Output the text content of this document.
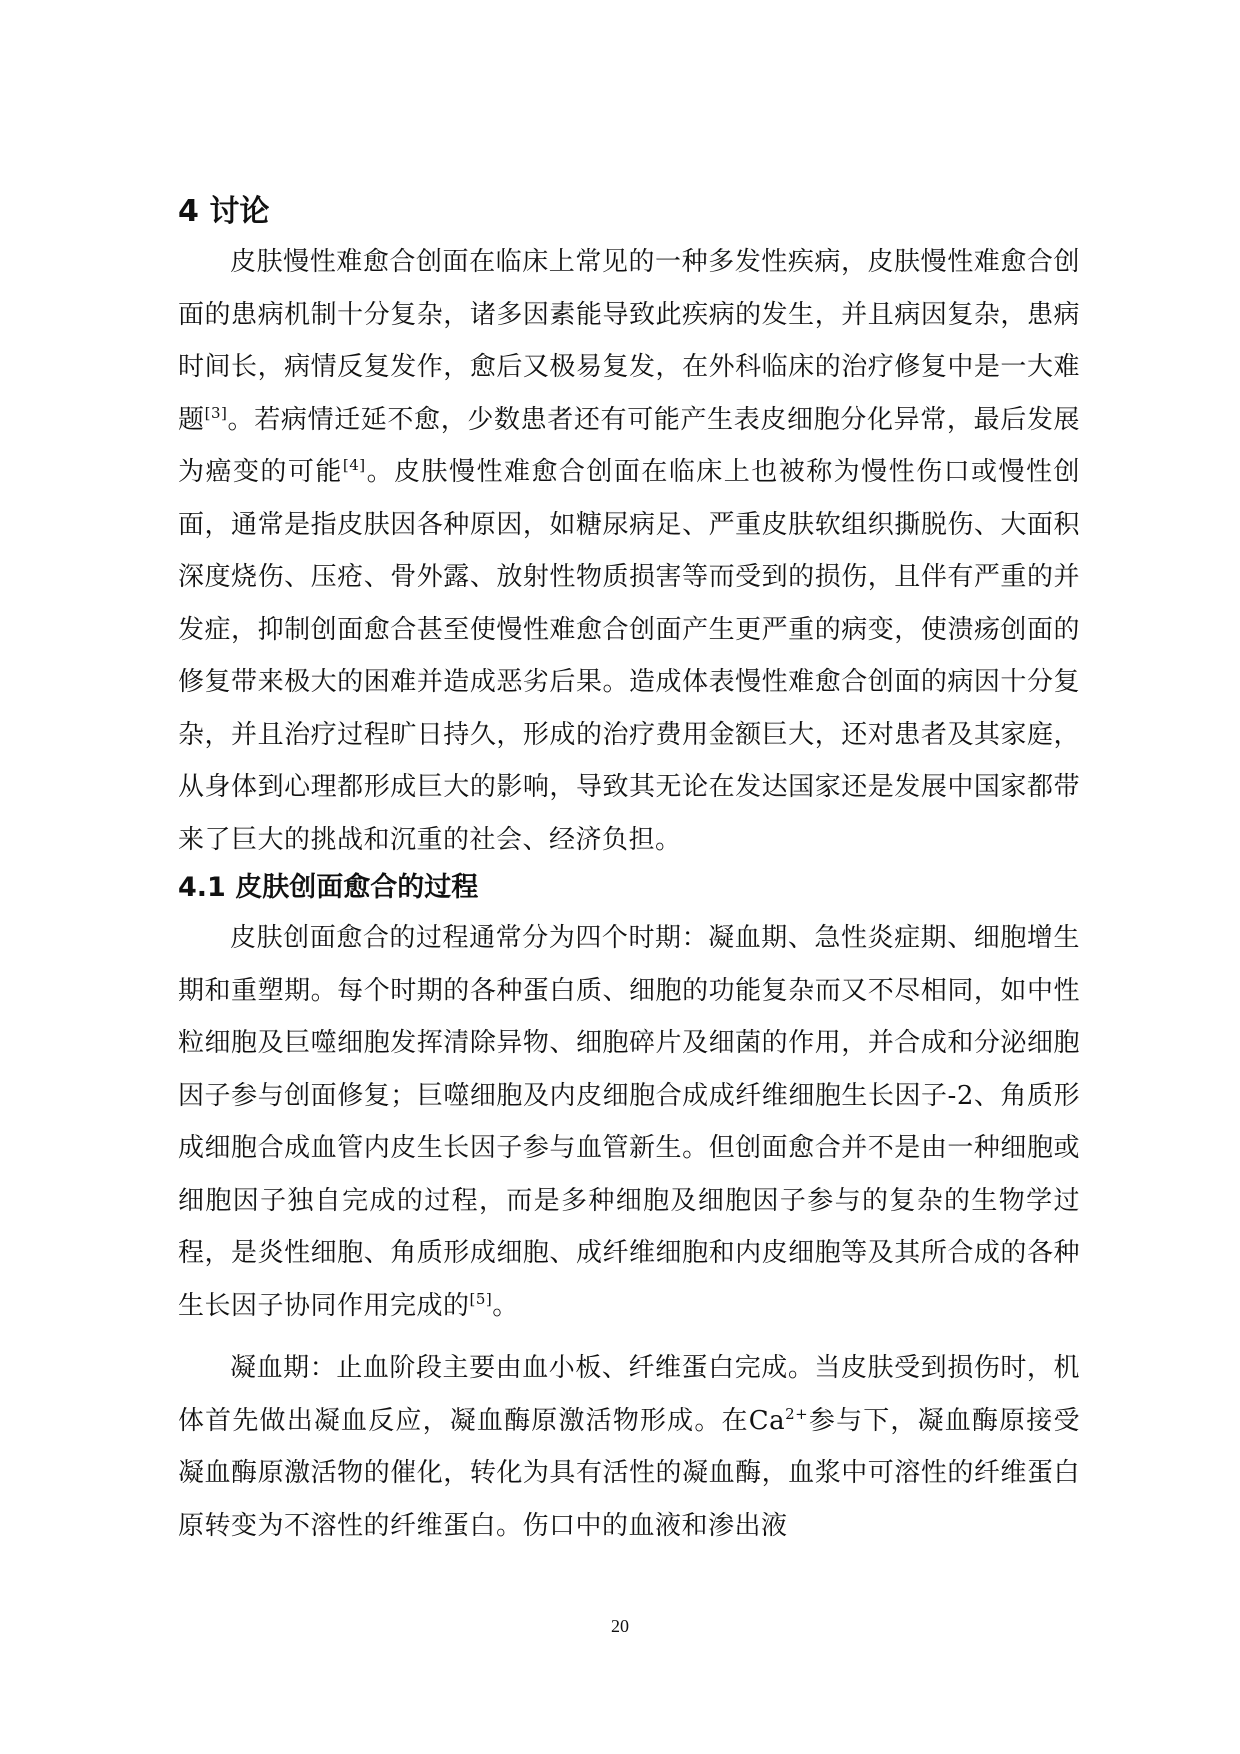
4 讨论

皮肤慢性难愈合创面在临床上常见的一种多发性疾病，皮肤慢性难愈合创面的患病机制十分复杂，诸多因素能导致此疾病的发生，并且病因复杂，患病时间长，病情反复发作，愈后又极易复发，在外科临床的治疗修复中是一大难题[3]。若病情迁延不愈，少数患者还有可能产生表皮细胞分化异常，最后发展为癌变的可能[4]。皮肤慢性难愈合创面在临床上也被称为慢性伤口或慢性创面，通常是指皮肤因各种原因，如糖尿病足、严重皮肤软组织撕脱伤、大面积深度烧伤、压疮、骨外露、放射性物质损害等而受到的损伤，且伴有严重的并发症，抑制创面愈合甚至使慢性难愈合创面产生更严重的病变，使溃疡创面的修复带来极大的困难并造成恶劣后果。造成体表慢性难愈合创面的病因十分复杂，并且治疗过程旷日持久，形成的治疗费用金额巨大，还对患者及其家庭，从身体到心理都形成巨大的影响，导致其无论在发达国家还是发展中国家都带来了巨大的挑战和沉重的社会、经济负担。

4.1 皮肤创面愈合的过程

皮肤创面愈合的过程通常分为四个时期：凝血期、急性炎症期、细胞增生期和重塑期。每个时期的各种蛋白质、细胞的功能复杂而又不尽相同，如中性粒细胞及巨噬细胞发挥清除异物、细胞碎片及细菌的作用，并合成和分泌细胞因子参与创面修复；巨噬细胞及内皮细胞合成成纤维细胞生长因子-2、角质形成细胞合成血管内皮生长因子参与血管新生。但创面愈合并不是由一种细胞或细胞因子独自完成的过程，而是多种细胞及细胞因子参与的复杂的生物学过程，是炎性细胞、角质形成细胞、成纤维细胞和内皮细胞等及其所合成的各种生长因子协同作用完成的[5]。

凝血期：止血阶段主要由血小板、纤维蛋白完成。当皮肤受到损伤时，机体首先做出凝血反应，凝血酶原激活物形成。在$Ca^{2+}$参与下，凝血酶原接受凝血酶原激活物的催化，转化为具有活性的凝血酶，血浆中可溶性的纤维蛋白原转变为不溶性的纤维蛋白。伤口中的血液和渗出液

20
